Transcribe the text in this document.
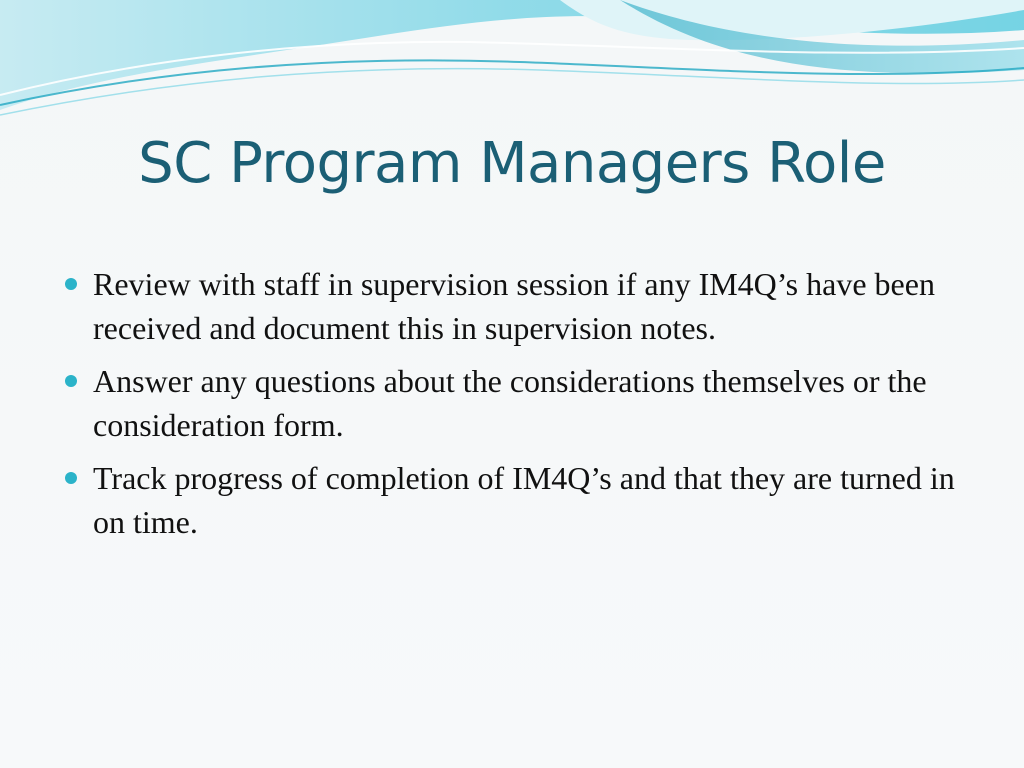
SC Program Managers Role
Review with staff in supervision session if any IM4Q’s have been received and document this in supervision notes.
Answer any questions about the considerations themselves or the consideration form.
Track progress of completion of IM4Q’s and that they are turned in on time.
